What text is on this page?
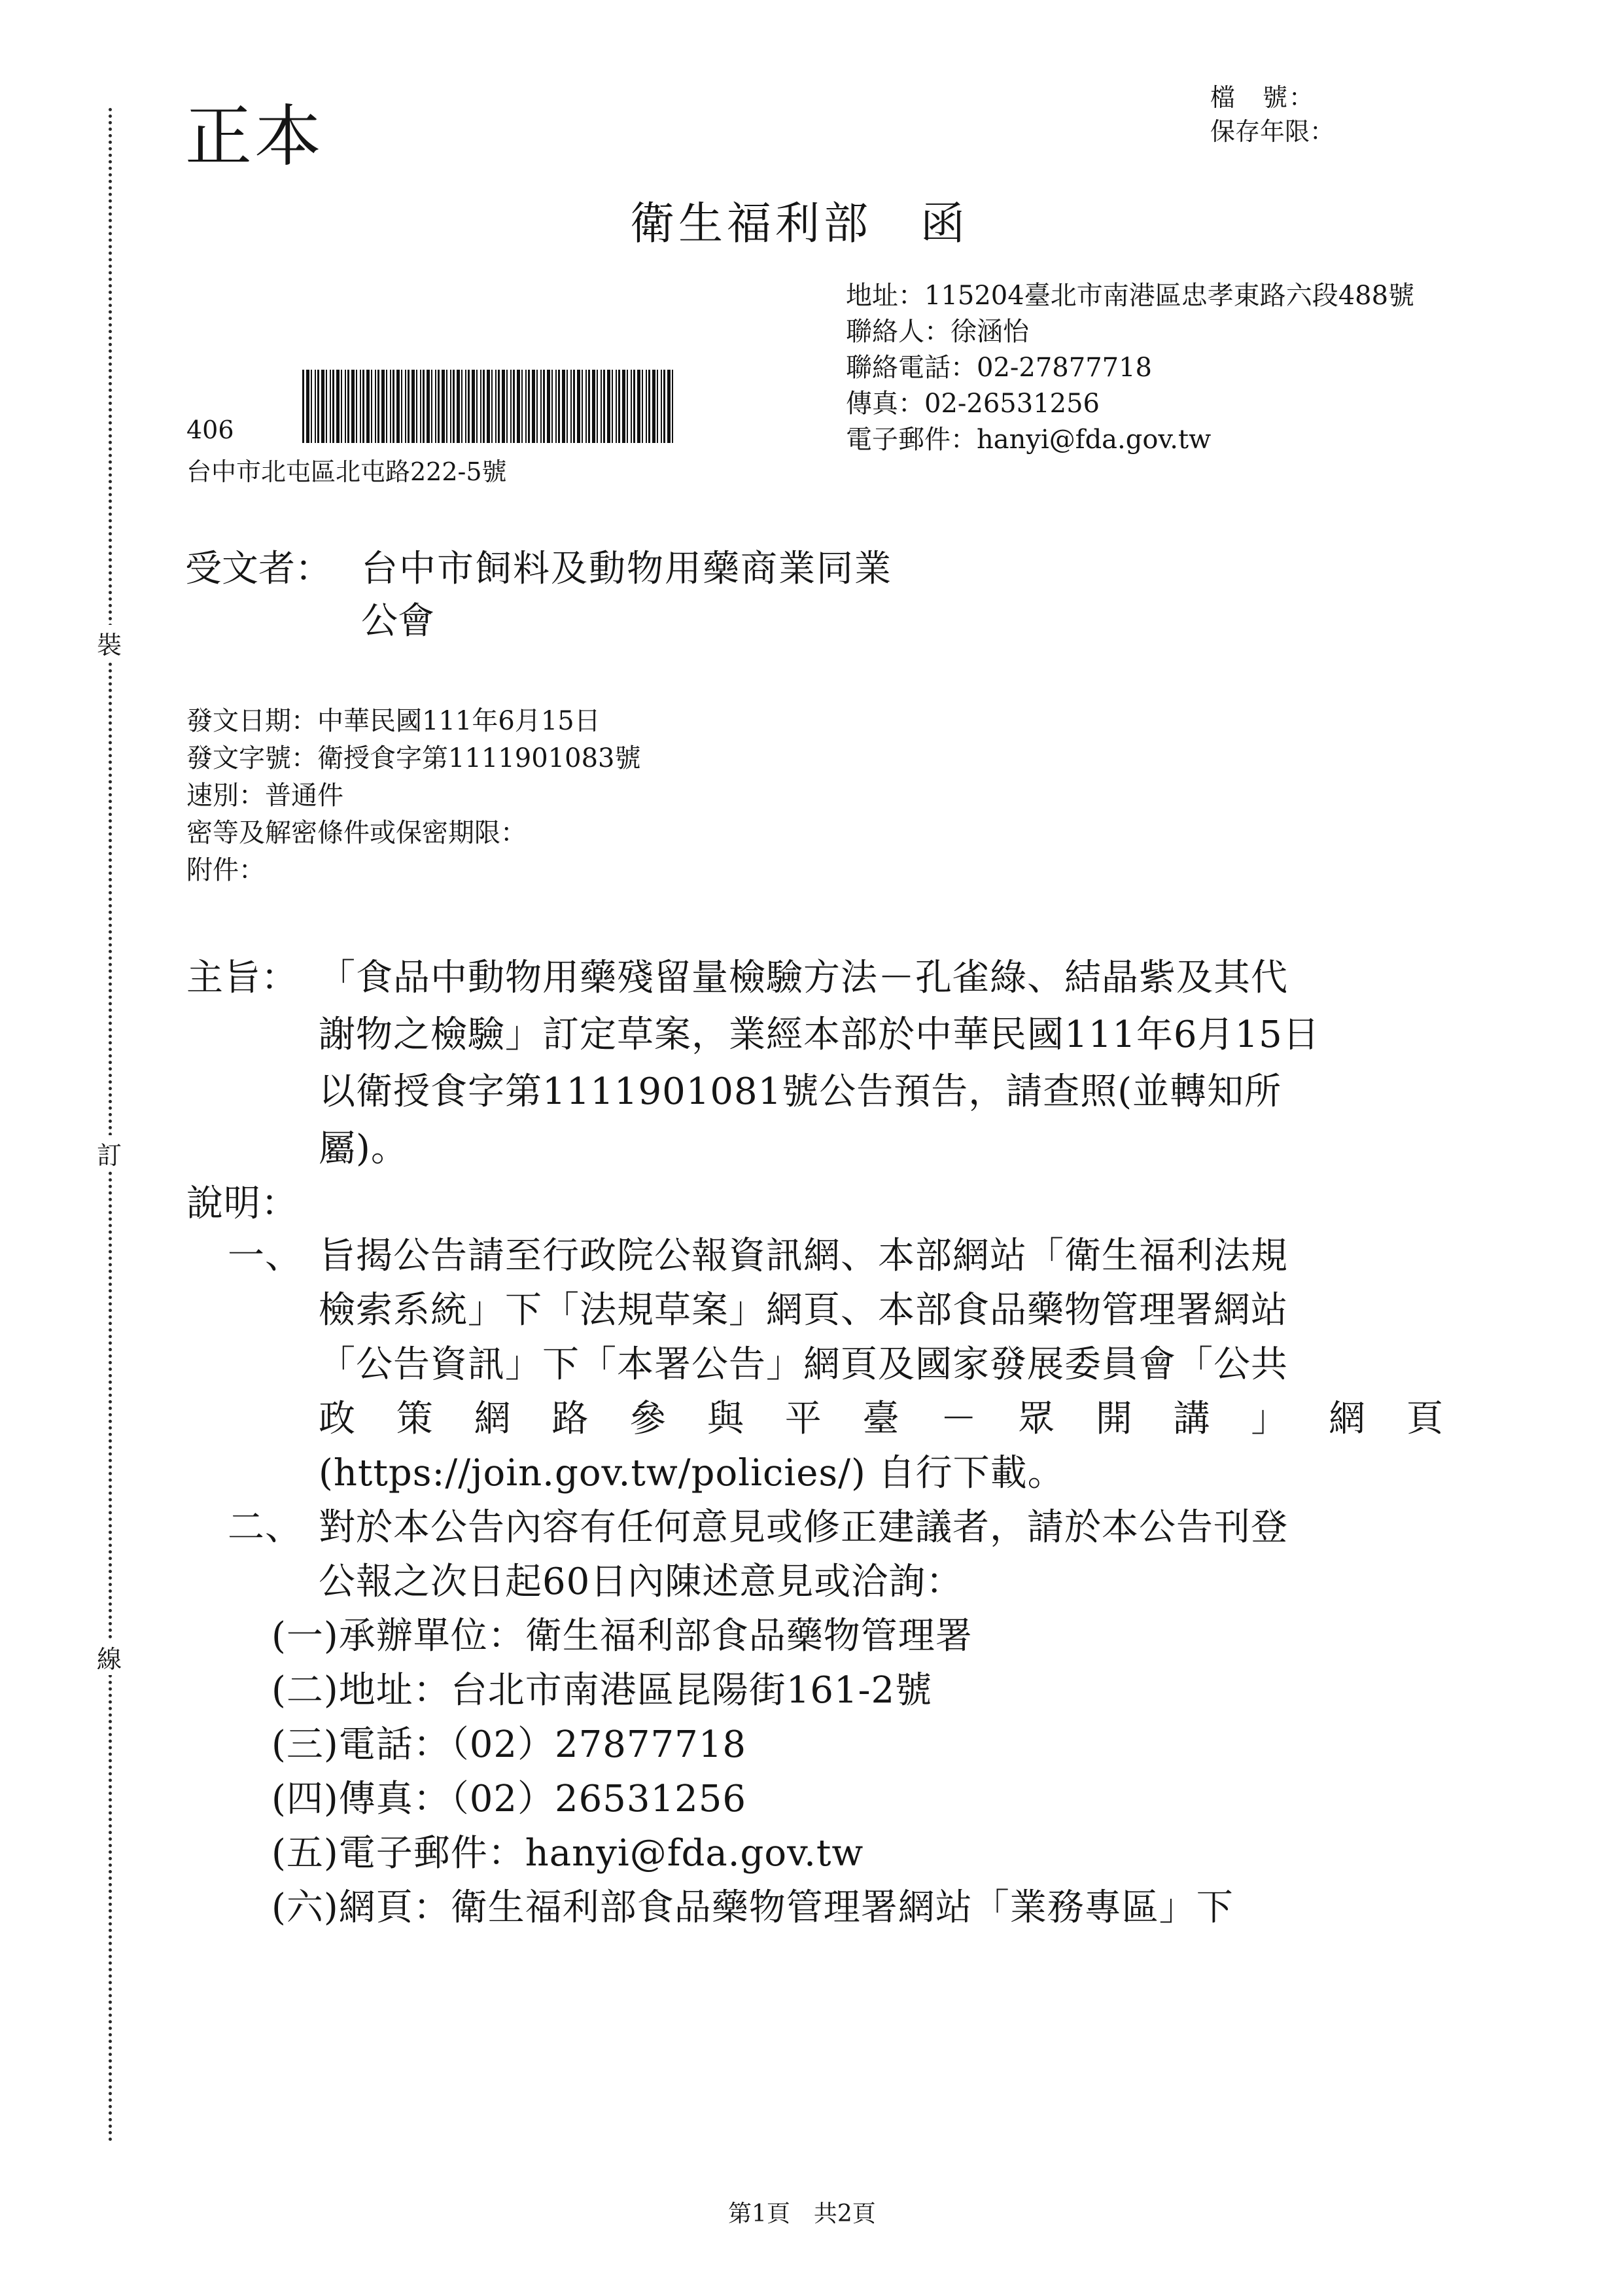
裝
訂
線
正本
檔　號：
保存年限：
衛生福利部　函
地址：115204臺北市南港區忠孝東路六段488號
聯絡人：徐涵怡
聯絡電話：02-27877718
傳真：02-26531256
電子郵件：hanyi@fda.gov.tw
406
台中市北屯區北屯路222-5號
受文者： 台中市飼料及動物用藥商業同業
公會
發文日期：中華民國111年6月15日
發文字號：衛授食字第1111901083號
速別：普通件
密等及解密條件或保密期限：
附件：
主旨： 「食品中動物用藥殘留量檢驗方法－孔雀綠、結晶紫及其代
謝物之檢驗」訂定草案，業經本部於中華民國111年6月15日
以衛授食字第1111901081號公告預告，請查照(並轉知所
屬)。
說明：
一、 旨揭公告請至行政院公報資訊網、本部網站「衛生福利法規
檢索系統」下「法規草案」網頁、本部食品藥物管理署網站
「公告資訊」下「本署公告」網頁及國家發展委員會「公共
政 策 網 路 參 與 平 臺 － 眾 開 講 」 網 頁
(https://join.gov.tw/policies/) 自行下載。
二、 對於本公告內容有任何意見或修正建議者，請於本公告刊登
公報之次日起60日內陳述意見或洽詢：
(一)承辦單位：衛生福利部食品藥物管理署
(二)地址：台北市南港區昆陽街161-2號
(三)電話：（02）27877718
(四)傳真：（02）26531256
(五)電子郵件：hanyi@fda.gov.tw
(六)網頁：衛生福利部食品藥物管理署網站「業務專區」下
第1頁　共2頁
